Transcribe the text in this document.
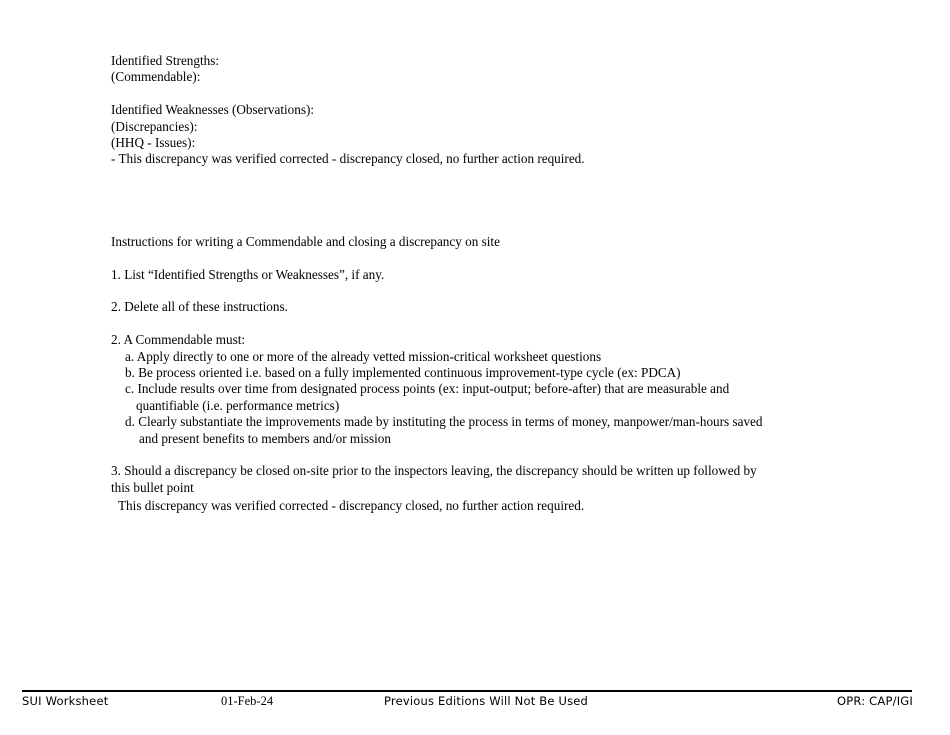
Identified Strengths:
(Commendable):
Identified Weaknesses (Observations):
(Discrepancies):
(HHQ - Issues):
- This discrepancy was verified corrected - discrepancy closed, no further action required.
Instructions for writing a Commendable and closing a discrepancy on site
1. List “Identified Strengths or Weaknesses”, if any.
2. Delete all of these instructions.
2. A Commendable must:
a. Apply directly to one or more of the already vetted mission-critical worksheet questions
b. Be process oriented i.e. based on a fully implemented continuous improvement-type cycle (ex: PDCA)
c. Include results over time from designated process points (ex: input-output; before-after) that are measurable and
quantifiable (i.e. performance metrics)
d. Clearly substantiate the improvements made by instituting the process in terms of money, manpower/man-hours saved
and present benefits to members and/or mission
3. Should a discrepancy be closed on-site prior to the inspectors leaving, the discrepancy should be written up followed by
this bullet point
This discrepancy was verified corrected - discrepancy closed, no further action required.
SUI Worksheet	01-Feb-24	Previous Editions Will Not Be Used	OPR: CAP/IGI
